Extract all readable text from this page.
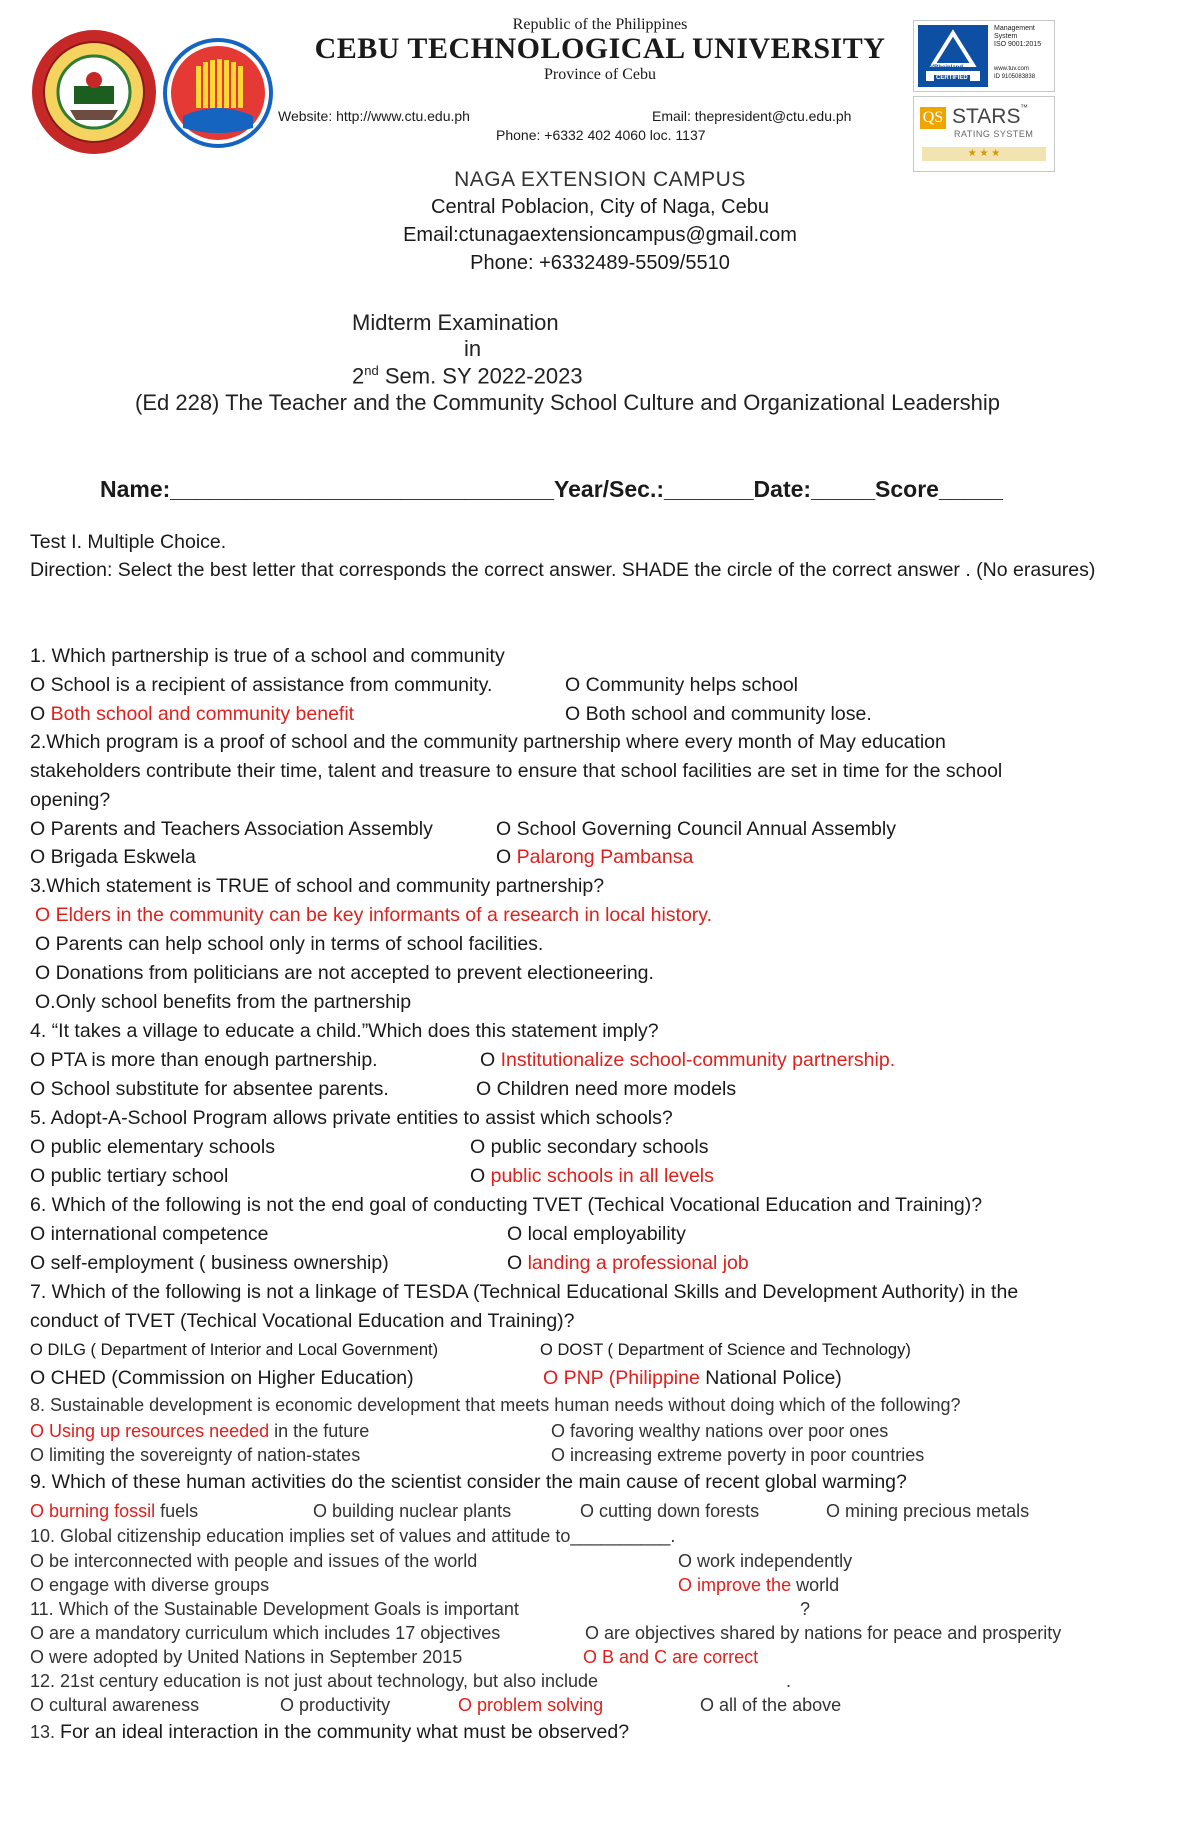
Republic of the Philippines
CEBU TECHNOLOGICAL UNIVERSITY
Province of Cebu
Website: http://www.ctu.edu.ph	Email: thepresident@ctu.edu.ph
Phone: +6332 402 4060 loc. 1137
Management
System
ISO 9001:2015
TÜVRheinland
CERTIFIED
www.tuv.com
ID 9105083838
QS STARS ™
RATING SYSTEM
★ ★ ★
NAGA EXTENSION CAMPUS
Central Poblacion, City of Naga, Cebu
Email:ctunagaextensioncampus@gmail.com
Phone: +6332489-5509/5510
Midterm Examination
in
2nd Sem. SY 2022-2023
(Ed 228) The Teacher and the Community School Culture and Organizational Leadership
Name:______________________________Year/Sec.:_______Date:_____Score_____
Test I. Multiple Choice.
Direction: Select the best letter that corresponds the correct answer. SHADE the circle of the correct answer . (No erasures)
1. Which partnership is true of a school and community
O School is a recipient of assistance from community.	O Community helps school
O Both school and community benefit	O Both school and community lose.
2.Which program is a proof of school and the community partnership where every month of May education
stakeholders contribute their time, talent and treasure to ensure that school facilities are set in time for the school
opening?
O Parents and Teachers Association Assembly	O School Governing Council Annual Assembly
O Brigada Eskwela	O Palarong Pambansa
3.Which statement is TRUE of school and community partnership?
O Elders in the community can be key informants of a research in local history.
O Parents can help school only in terms of school facilities.
O Donations from politicians are not accepted to prevent electioneering.
O.Only school benefits from the partnership
4. “It takes a village to educate a child.”Which does this statement imply?
O PTA is more than enough partnership.	O Institutionalize school-community partnership.
O School substitute for absentee parents.	O Children need more models
5. Adopt-A-School Program allows private entities to assist which schools?
O public elementary schools	O public secondary schools
O public tertiary school	O public schools in all levels
6. Which of the following is not the end goal of conducting TVET (Techical Vocational Education and Training)?
O international competence	O local employability
O self-employment ( business ownership)	O landing a professional job
7. Which of the following is not a linkage of TESDA (Technical Educational Skills and Development Authority) in the
conduct of TVET (Techical Vocational Education and Training)?
O DILG ( Department of Interior and Local Government)	O DOST ( Department of Science and Technology)
O CHED (Commission on Higher Education)	O PNP (Philippine National Police)
8. Sustainable development is economic development that meets human needs without doing which of the following?
O Using up resources needed in the future	O favoring wealthy nations over poor ones
O limiting the sovereignty of nation-states	O increasing extreme poverty in poor countries
9. Which of these human activities do the scientist consider the main cause of recent global warming?
O burning fossil fuels	O building nuclear plants	O cutting down forests	O mining precious metals
10. Global citizenship education implies set of values and attitude to__________.
O be interconnected with people and issues of the world	O work independently
O engage with diverse groups	O improve the world
11. Which of the Sustainable Development Goals is important	?
O are a mandatory curriculum which includes 17 objectives	O are objectives shared by nations for peace and prosperity
O were adopted by United Nations in September 2015	O B and C are correct
12. 21st century education is not just about technology, but also include	.
O cultural awareness	O productivity	O problem solving	O all of the above
13. For an ideal interaction in the community what must be observed?
